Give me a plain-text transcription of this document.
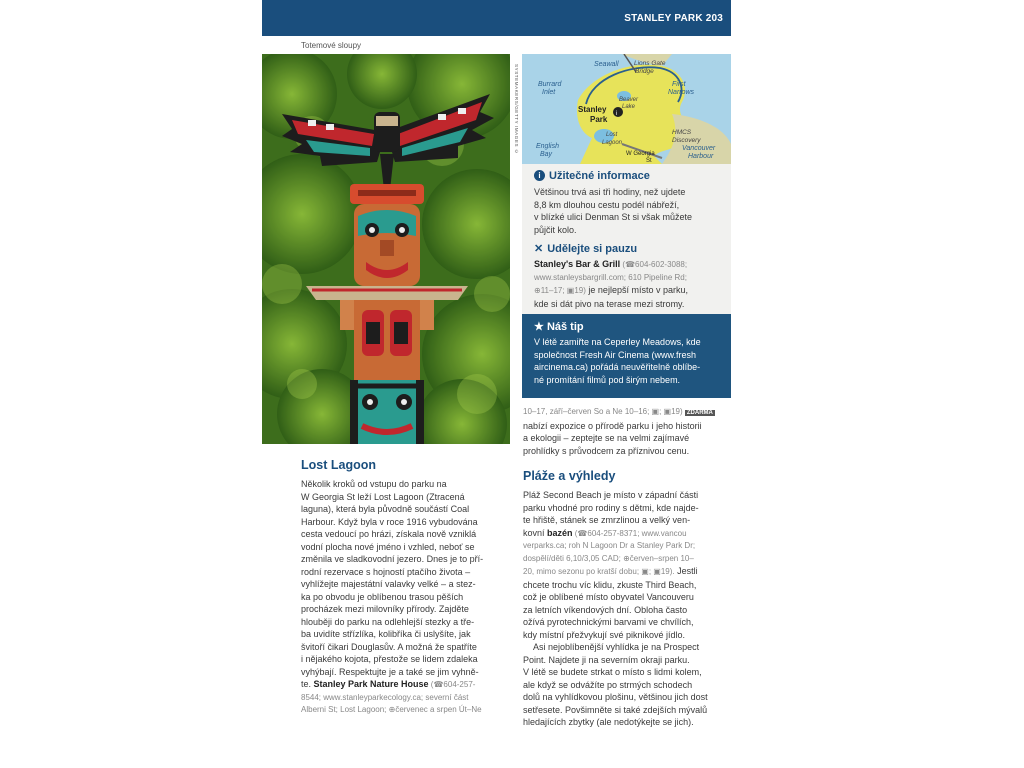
STANLEY PARK 203
Totemové sloupy
SYSTEMAKERS/GETTY IMAGES ©	i
Seawall Lions Gate
Bridge
Burrard
Inlet
First
Narrows
Beaver
Lake
Stanley
Park
Lost
Lagoon
HMCS
Discovery
English
Bay	W Georgia
St
Vancouver
Harbour
i Užitečné informace
Většinou trvá asi tři hodiny, než ujdete
8,8 km dlouhou cestu podél nábřeží,
v blízké ulici Denman St si však můžete
půjčit kolo.
✕ Udělejte si pauzu
Stanley's Bar & Grill (☎604-602-3088;
www.stanleysbargrill.com; 610 Pipeline Rd;
⊕11–17; ▣19) je nejlepší místo v parku,
kde si dát pivo na terase mezi stromy.
★ Náš tip
V létě zamiřte na Ceperley Meadows, kde
společnost Fresh Air Cinema (www.fresh
aircinema.ca) pořádá neuvěřitelně oblíbe-
né promítání filmů pod širým nebem.
10–17, září–červen So a Ne 10–16; ▣; ▣19) ZDARMA
nabízí expozice o přírodě parku i jeho historii
a ekologii – zeptejte se na velmi zajímavé
prohlídky s průvodcem za příznivou cenu.
Pláže a výhledy
Pláž Second Beach je místo v západní části
parku vhodné pro rodiny s dětmi, kde najde-
te hřiště, stánek se zmrzlinou a velký ven-
kovní bazén (☎604-257-8371; www.vancou
verparks.ca; roh N Lagoon Dr a Stanley Park Dr;
dospělí/děti 6,10/3,05 CAD; ⊕červen–srpen 10–
20, mimo sezonu po kratší dobu; ▣; ▣19). Jestli
chcete trochu víc klidu, zkuste Third Beach,
což je oblíbené místo obyvatel Vancouveru
za letních víkendových dní. Obloha často
ožívá pyrotechnickými barvami ve chvílích,
kdy místní přežvykují své piknikové jídlo.
Asi nejoblíbenější vyhlídka je na Prospect
Point. Najdete ji na severním okraji parku.
V létě se budete strkat o místo s lidmi kolem,
ale když se odvážíte po strmých schodech
dolů na vyhlídkovou plošinu, většinou jich dost
setřesete. Povšimněte si také zdejších mývalů
hledajících zbytky (ale nedotýkejte se jich).
Lost Lagoon
Několik kroků od vstupu do parku na
W Georgia St leží Lost Lagoon (Ztracená
laguna), která byla původně součástí Coal
Harbour. Když byla v roce 1916 vybudována
cesta vedoucí po hrázi, získala nově vzniklá
vodní plocha nové jméno i vzhled, neboť se
změnila ve sladkovodní jezero. Dnes je to pří-
rodní rezervace s hojností ptačího života –
vyhlížejte majestátní valavky velké – a stez-
ka po obvodu je oblíbenou trasou pěších
procházek mezi milovníky přírody. Zajděte
hlouběji do parku na odlehlejší stezky a tře-
ba uvidíte střízlíka, kolibříka či uslyšíte, jak
švitoří čikari Douglasův. A možná že spatříte
i nějakého kojota, přestože se lidem zdaleka
vyhýbají. Respektujte je a také se jim vyhně-
te. Stanley Park Nature House (☎604-257-
8544; www.stanleyparkecology.ca; severní část
Alberni St; Lost Lagoon; ⊕červenec a srpen Út–Ne
